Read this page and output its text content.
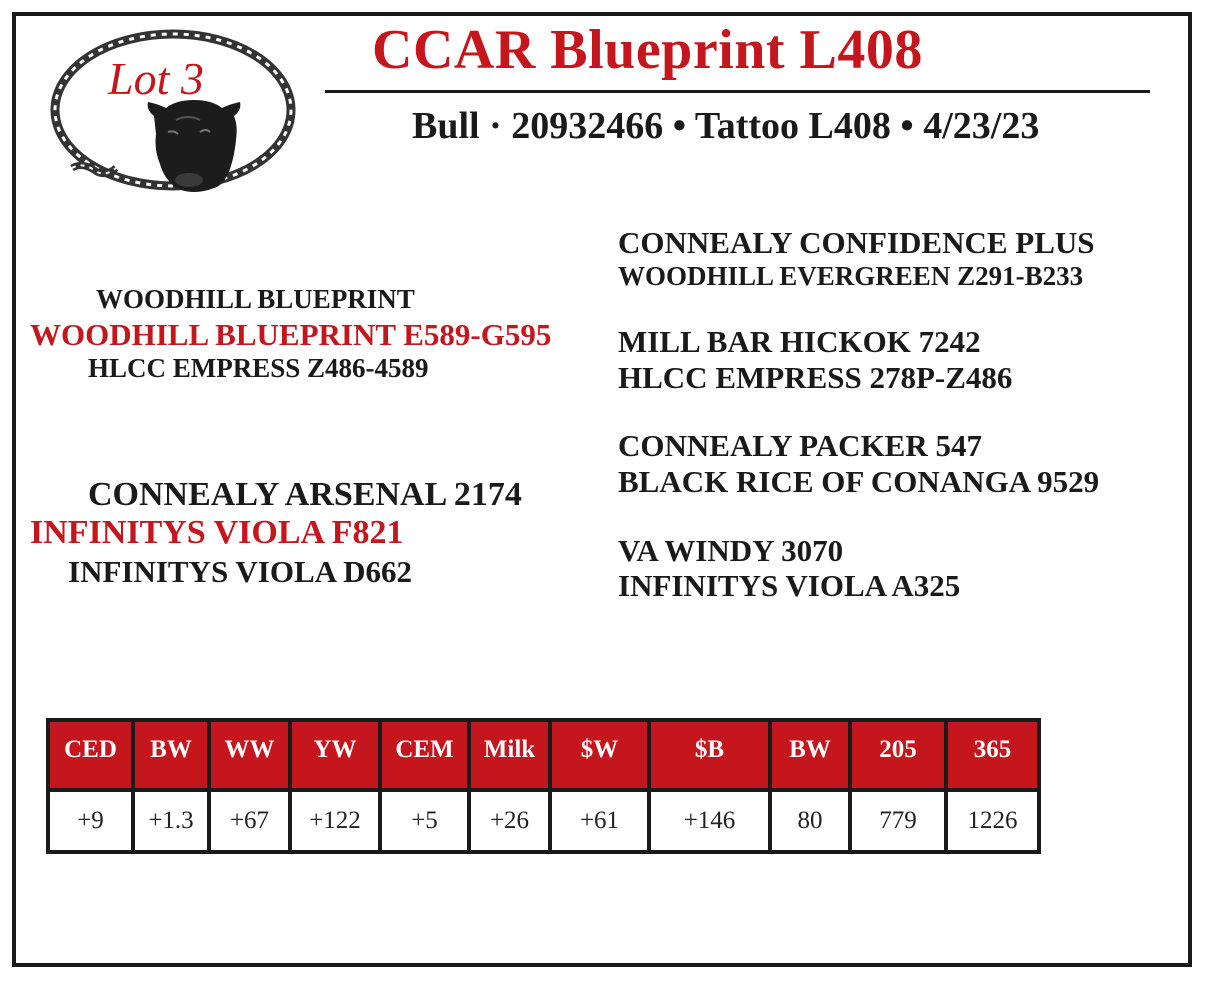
Lot 3	CCAR Blueprint L408
Bull · 20932466 • Tattoo L408 • 4/23/23
WOODHILL BLUEPRINT
WOODHILL BLUEPRINT E589-G595
HLCC EMPRESS Z486-4589
CONNEALY ARSENAL 2174
INFINITYS VIOLA F821
INFINITYS VIOLA D662
CONNEALY CONFIDENCE PLUS
WOODHILL EVERGREEN Z291-B233
MILL BAR HICKOK 7242
HLCC EMPRESS 278P-Z486
CONNEALY PACKER 547
BLACK RICE OF CONANGA 9529
VA WINDY 3070
INFINITYS VIOLA A325
CED	BW	WW	YW	CEM	Milk	$W	$B	BW	205	365
+9	+1.3	+67	+122	+5	+26	+61	+146	80	779	1226
